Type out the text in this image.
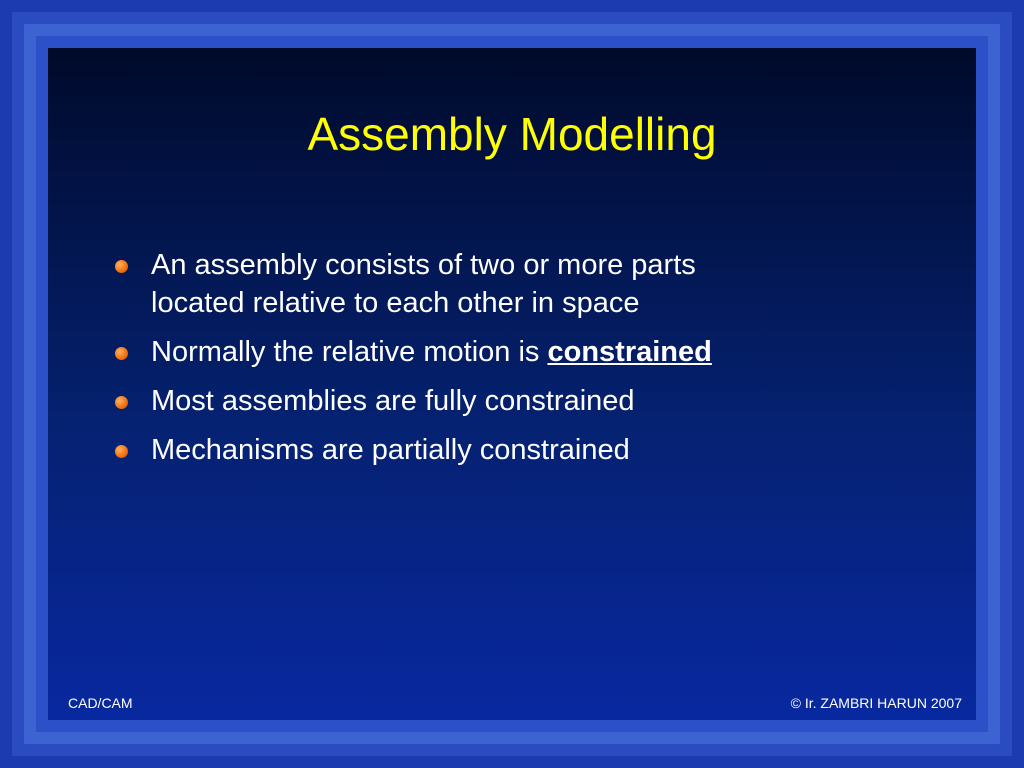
Assembly Modelling
An assembly consists of two or more parts
located relative to each other in space
Normally the relative motion is constrained
Most assemblies are fully constrained
Mechanisms are partially constrained
CAD/CAM	© Ir. ZAMBRI HARUN 2007
